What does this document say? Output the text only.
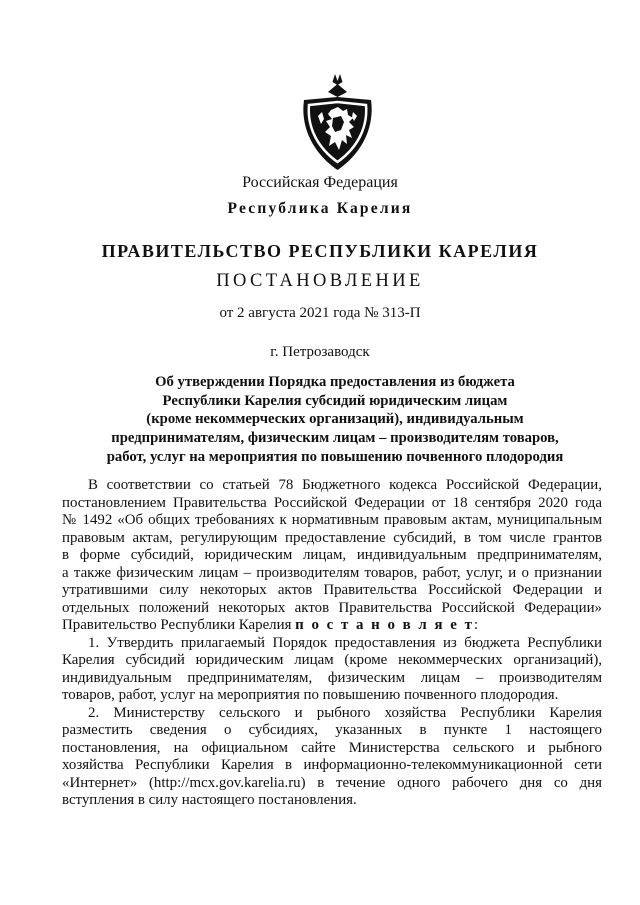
Российская Федерация
Республика Карелия
ПРАВИТЕЛЬСТВО РЕСПУБЛИКИ КАРЕЛИЯ
ПОСТАНОВЛЕНИЕ
от 2 августа 2021 года № 313-П
г. Петрозаводск
Об утверждении Порядка предоставления из бюджета
Республики Карелия субсидий юридическим лицам
(кроме некоммерческих организаций), индивидуальным
предпринимателям, физическим лицам – производителям товаров,
работ, услуг на мероприятия по повышению почвенного плодородия
В соответствии со статьей 78 Бюджетного кодекса Российской Федерации,
постановлением Правительства Российской Федерации от 18 сентября 2020 года
№ 1492 «Об общих требованиях к нормативным правовым актам, муниципальным
правовым актам, регулирующим предоставление субсидий, в том числе грантов
в форме субсидий, юридическим лицам, индивидуальным предпринимателям,
а также физическим лицам – производителям товаров, работ, услуг, и о признании
утратившими силу некоторых актов Правительства Российской Федерации и
отдельных положений некоторых актов Правительства Российской Федерации»
Правительство Республики Карелия п о с т а н о в л я е т:
1. Утвердить прилагаемый Порядок предоставления из бюджета Республики
Карелия субсидий юридическим лицам (кроме некоммерческих организаций),
индивидуальным предпринимателям, физическим лицам – производителям
товаров, работ, услуг на мероприятия по повышению почвенного плодородия.
2. Министерству сельского и рыбного хозяйства Республики Карелия
разместить сведения о субсидиях, указанных в пункте 1 настоящего
постановления, на официальном сайте Министерства сельского и рыбного
хозяйства Республики Карелия в информационно-телекоммуникационной сети
«Интернет» (http://mcx.gov.karelia.ru) в течение одного рабочего дня со дня
вступления в силу настоящего постановления.
